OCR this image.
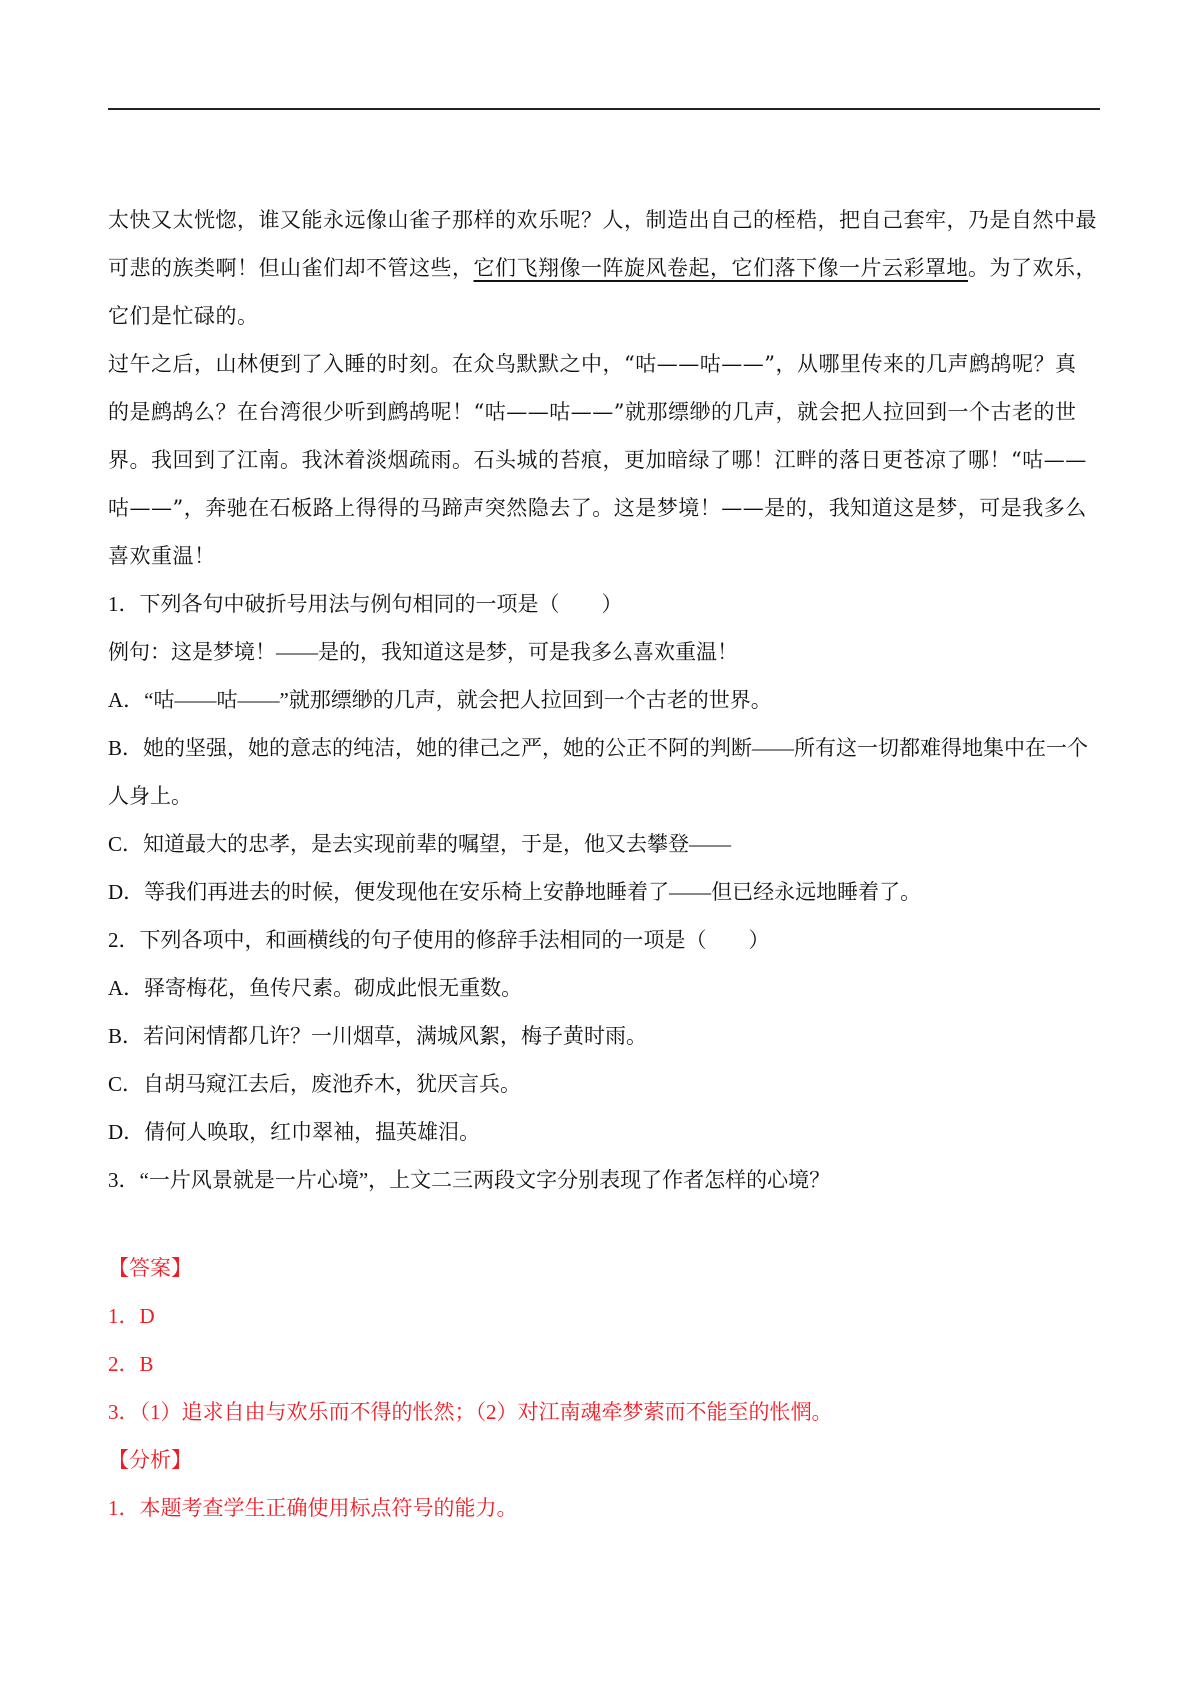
太快又太恍惚，谁又能永远像山雀子那样的欢乐呢？人，制造出自己的桎梏，把自己套牢，乃是自然中最
可悲的族类啊！但山雀们却不管这些，它们飞翔像一阵旋风卷起，它们落下像一片云彩罩地。为了欢乐，
它们是忙碌的。
过午之后，山林便到了入睡的时刻。在众鸟默默之中，“咕——咕——”，从哪里传来的几声鹧鸪呢？真
的是鹧鸪么？在台湾很少听到鹧鸪呢！“咕——咕——”就那缥缈的几声，就会把人拉回到一个古老的世
界。我回到了江南。我沐着淡烟疏雨。石头城的苔痕，更加暗绿了哪！江畔的落日更苍凉了哪！“咕——
咕——”，奔驰在石板路上得得的马蹄声突然隐去了。这是梦境！——是的，我知道这是梦，可是我多么
喜欢重温！
1．下列各句中破折号用法与例句相同的一项是（　　）
例句：这是梦境！——是的，我知道这是梦，可是我多么喜欢重温！
A．“咕——咕——”就那缥缈的几声，就会把人拉回到一个古老的世界。
B．她的坚强，她的意志的纯洁，她的律己之严，她的公正不阿的判断——所有这一切都难得地集中在一个
人身上。
C．知道最大的忠孝，是去实现前辈的嘱望，于是，他又去攀登——
D．等我们再进去的时候，便发现他在安乐椅上安静地睡着了——但已经永远地睡着了。
2．下列各项中，和画横线的句子使用的修辞手法相同的一项是（　　）
A．驿寄梅花，鱼传尺素。砌成此恨无重数。
B．若问闲情都几许？一川烟草，满城风絮，梅子黄时雨。
C．自胡马窥江去后，废池乔木，犹厌言兵。
D．倩何人唤取，红巾翠袖，揾英雄泪。
3．“一片风景就是一片心境”，上文二三两段文字分别表现了作者怎样的心境？
【答案】
1．D
2．B
3．（1）追求自由与欢乐而不得的怅然；（2）对江南魂牵梦萦而不能至的怅惘。
【分析】
1．本题考查学生正确使用标点符号的能力。
